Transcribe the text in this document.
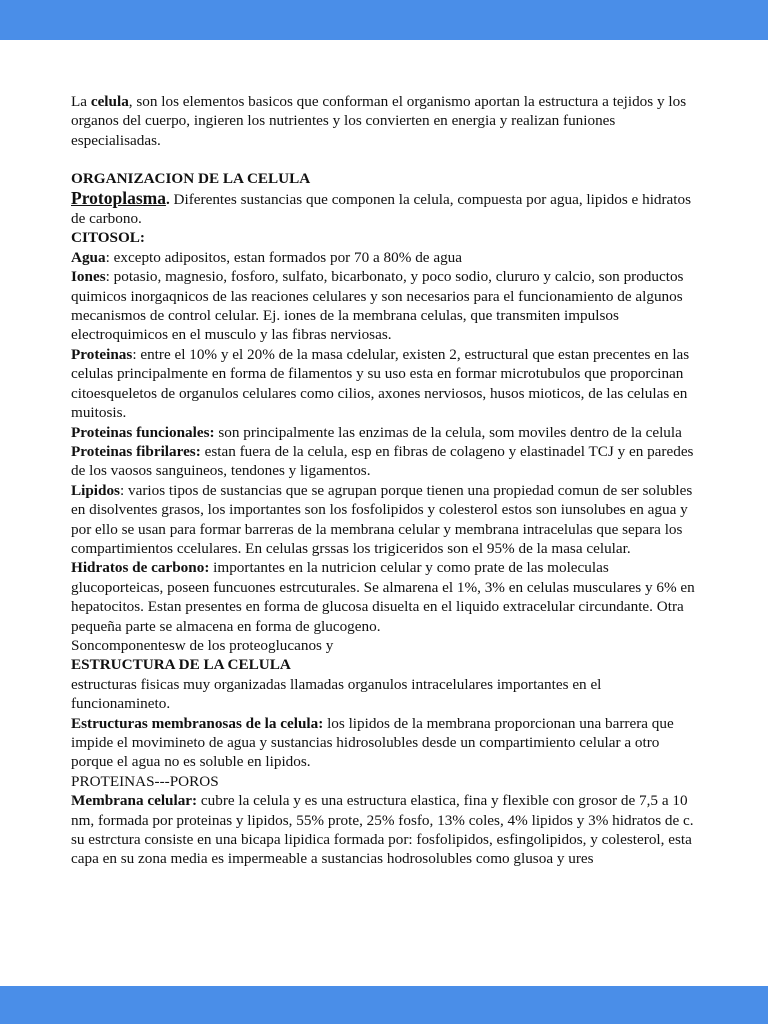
La celula, son los elementos basicos que conforman el organismo aportan la estructura a tejidos y los organos del cuerpo, ingieren los nutrientes y los convierten en energia y realizan funiones especialisadas.

ORGANIZACION DE LA CELULA

Protoplasma. Diferentes sustancias que componen la celula, compuesta por agua, lipidos e hidratos de carbono.

CITOSOL:

Agua: excepto adipositos, estan formados por 70 a 80% de agua

Iones: potasio, magnesio, fosforo, sulfato, bicarbonato, y poco sodio, clururo y calcio, son productos quimicos inorgaqnicos de las reaciones celulares y son necesarios para el funcionamiento de algunos mecanismos de control celular. Ej. iones de la membrana celulas, que transmiten impulsos electroquimicos en el musculo y las fibras nerviosas.

Proteinas: entre el 10% y el 20% de la masa cdelular, existen 2, estructural que estan precentes en las celulas principalmente en forma de filamentos y su uso esta en formar microtubulos que proporcinan citoesqueletos de organulos celulares como cilios, axones nerviosos, husos mioticos, de las celulas en muitosis.

Proteinas funcionales: son principalmente las enzimas de la celula, som moviles dentro de la celula

Proteinas fibrilares: estan fuera de la celula, esp en fibras de colageno y elastinadel TCJ y en paredes de los vaosos sanguineos, tendones y ligamentos.

Lipidos: varios tipos de sustancias que se agrupan porque tienen una propiedad comun de ser solubles en disolventes grasos, los importantes son los fosfolipidos y colesterol estos son iunsolubes en agua y por ello se usan para formar barreras de la membrana celular y membrana intracelulas que separa los compartimientos ccelulares. En celulas grssas los trigiceridos son el 95% de la masa celular.

Hidratos de carbono: importantes en la nutricion celular y como prate de las moleculas glucoporteicas, poseen funcuones estrcuturales. Se almarena el 1%, 3% en celulas musculares y 6% en hepatocitos. Estan presentes en forma de glucosa disuelta en el liquido extracelular circundante. Otra pequeña parte se almacena en forma de glucogeno.

Soncomponentesw de los proteoglucanos y

ESTRUCTURA DE LA CELULA

estructuras fisicas muy organizadas llamadas organulos intracelulares importantes en el funcionamineto.

Estructuras membranosas de la celula: los lipidos de la membrana proporcionan una barrera que impide el movimineto de agua y sustancias hidrosolubles desde un compartimiento celular a otro porque el agua no es soluble en lipidos.

PROTEINAS---POROS

Membrana celular: cubre la celula y es una estructura elastica, fina y flexible con grosor de 7,5 a 10 nm, formada por proteinas y lipidos, 55% prote, 25% fosfo, 13% coles, 4% lipidos y 3% hidratos de c.

su estrctura consiste en una bicapa lipidica formada por: fosfolipidos, esfingolipidos, y colesterol, esta capa en su zona media es impermeable a sustancias hodrosolubles como glusoa y ures
